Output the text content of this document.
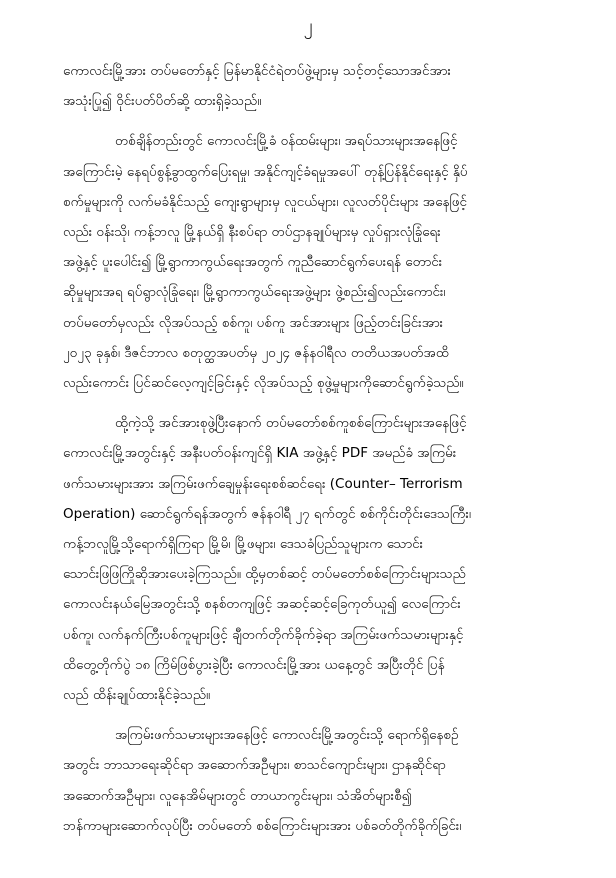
၂

ကောလင်းမြို့အား တပ်မတော်နှင့် မြန်မာနိုင်ငံရဲတပ်ဖွဲ့များမှ သင့်တင့်သောအင်အား
အသုံးပြု၍ ဝိုင်းပတ်ပိတ်ဆို့ ထားရှိခဲ့သည်။

တစ်ချိန်တည်းတွင် ကောလင်းမြို့ခံ ဝန်ထမ်းများ၊ အရပ်သားများအနေဖြင့်
အကြောင်းမဲ့ နေရပ်စွန့်ခွာထွက်ပြေးရမှု၊ အနိုင်ကျင့်ခံရမှုအပေါ် တုန့်ပြန်နိုင်ရေးနှင့် နှိပ်
စက်မှုများကို လက်မခံနိုင်သည့် ကျေးရွာများမှ လူငယ်များ၊ လူလတ်ပိုင်းများ အနေဖြင့်
လည်း ဝန်းသို၊ ကန့်ဘလူ မြို့နယ်ရှိ နီးစပ်ရာ တပ်ဌာနချုပ်များမှ လှုပ်ရှားလုံခြုံရေး
အဖွဲ့နှင့် ပူးပေါင်း၍ မြို့ရွာကာကွယ်ရေးအတွက် ကူညီဆောင်ရွက်ပေးရန် တောင်း
ဆိုမှုများအရ ရပ်ရွာလုံခြုံရေး၊ မြို့ရွာကာကွယ်ရေးအဖွဲ့များ ဖွဲ့စည်း၍လည်းကောင်း၊
တပ်မတော်မှလည်း လိုအပ်သည့် စစ်ကူ၊ ပစ်ကူ အင်အားများ ဖြည့်တင်းခြင်းအား
၂၀၂၃ ခုနှစ်၊ ဒီဇင်ဘာလ စတုတ္ထအပတ်မှ ၂၀၂၄ ဇန်နဝါရီလ တတိယအပတ်အထိ
လည်းကောင်း ပြင်ဆင်လေ့ကျင့်ခြင်းနှင့် လိုအပ်သည့် စုဖွဲ့မှုများကိုဆောင်ရွက်ခဲ့သည်။

ထို့ကဲ့သို့ အင်အားစုဖွဲ့ပြီးနောက် တပ်မတော်စစ်ကူစစ်ကြောင်းများအနေဖြင့်
ကောလင်းမြို့အတွင်းနှင့် အနီးပတ်ဝန်းကျင်ရှိ KIA အဖွဲ့နှင့် PDF အမည်ခံ အကြမ်း
ဖက်သမားများအား အကြမ်းဖက်ချေမှုန်းရေးစစ်ဆင်ရေး (Counter– Terrorism
Operation) ဆောင်ရွက်ရန်အတွက် ဇန်နဝါရီ ၂၇ ရက်တွင် စစ်ကိုင်းတိုင်းဒေသကြီး၊
ကန့်ဘလူမြို့သို့ရောက်ရှိကြရာ မြို့မိ၊ မြို့ဖများ၊ ဒေသခံပြည်သူများက သောင်း
သောင်းဖြဖြကြိုဆိုအားပေးခဲ့ကြသည်။ ထို့မှတစ်ဆင့် တပ်မတော်စစ်ကြောင်းများသည်
ကောလင်းနယ်မြေအတွင်းသို့ စနစ်တကျဖြင့် အဆင့်ဆင့်ခြေကုတ်ယူ၍ လေကြောင်း
ပစ်ကူ၊ လက်နက်ကြီးပစ်ကူများဖြင့် ချီတက်တိုက်ခိုက်ခဲ့ရာ အကြမ်းဖက်သမားများနှင့်
ထိတွေ့တိုက်ပွဲ ၁၈ ကြိမ်ဖြစ်ပွားခဲ့ပြီး ကောလင်းမြို့အား ယနေ့တွင် အပြီးတိုင် ပြန်
လည် ထိန်းချုပ်ထားနိုင်ခဲ့သည်။

အကြမ်းဖက်သမားများအနေဖြင့် ကောလင်းမြို့အတွင်းသို့ ရောက်ရှိနေစဉ်
အတွင်း ဘာသာရေးဆိုင်ရာ အဆောက်အဦများ၊ စာသင်ကျောင်းများ၊ ဌာနဆိုင်ရာ
အဆောက်အဦများ၊ လူနေအိမ်များတွင် တာယာကွင်းများ၊ သံအိတ်များစီ၍
ဘန်ကာများဆောက်လုပ်ပြီး တပ်မတော် စစ်ကြောင်းများအား ပစ်ခတ်တိုက်ခိုက်ခြင်း၊
